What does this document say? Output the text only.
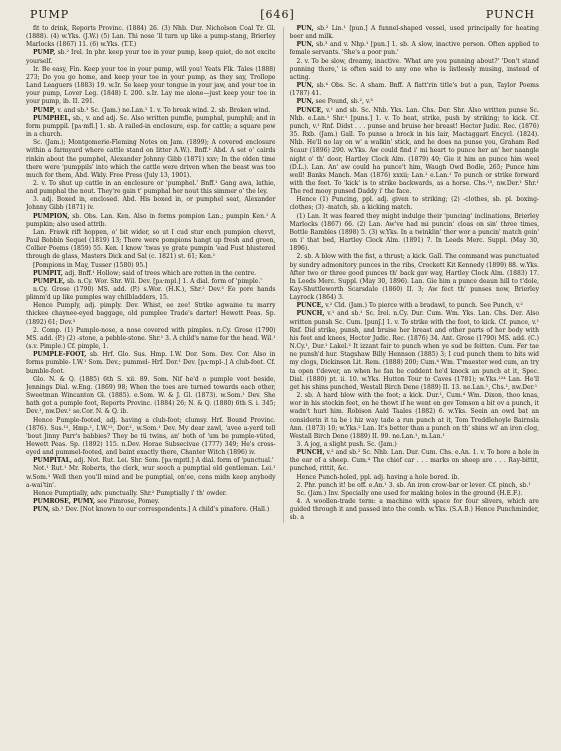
PUMP	[646]	PUNCH

fit to drink, Reports Provinc. (1884) 26. (3) Nhb. Dur. Nicholson Coal Tr. Gl. (1888). (4) w.Yks. (J.W.) (5) Lan. Thi nose 'll turn up like a pump-stang, Brierley Marlocks (1867) 11. (6) w.Yks. (T.T.)

PUMP, sb.² Irel. In phr. keep your toe in your pump, keep quiet, do not excite yourself.

Ir. Be easy, Fin. Keep your toe in your pump, will you! Yeats Flk. Tales (1888) 273; Do you go home, and keep your toe in your pump, as they say, Trollope Land Leaguers (1883) 19. w.Ir. So keep your tongue in your jaw, and your toe in your pump, Lover Leg. (1848) I. 200. s.Ir. Lay me alone—just keep your toe in your pump, ib. II. 291.

PUMP, v. and sb.³ Sc. (Jam.) ne.Lan.¹ 1. v. To break wind. 2. sb. Broken wind.

PUMPHEL, sb., v. and adj. Sc. Also written pumfle, pumphal, pumphil; and in form pumppil. [pʌ·mfl.] 1. sb. A railed-in enclosure, esp. for cattle; a square pew in a church.

Sc. (Jam.); Montgomerie-Fleming Notes on Jam. (1899); A covered enclosure within a farmyard where cattle stand on litter A.W.). Bnff.¹ Abd. A set o' cairds rinkin about the pumphel, Alexander Johnny Gibb (1871) xxv; In the olden time there were 'pumppils' into which the cattle were driven when the beast was too much for them, Abd. Wkly. Free Press (July 13, 1901).

2. v. To shut up cattle in an enclosure or 'pumphel.' Bnff.¹ Gang awa, lathie, and pumphal the nout. They're gain t' pumphal her nout this simmer o' the ley.

3. adj. Boxed in, enclosed. Abd. His boxed in, or pumphel seat, Alexander Johnny Gibb (1871) iv.

PUMPION, sb. Obs. Lan. Ken. Also in forms pompion Lan.; pumpin Ken.¹ A pumpkin; also used attrib.

Lan. Frawk rift hoppen, o' bit wider, so ut I cud stur ench pumpion chevvt, Paul Bobbin Sequel (1819) 13; There were pompions hangt up fresh and green, Collier Poems (1859) 55. Ken. I know 'twas ye grate pumpin 'ead Fust blustered through de glass, Masters Dick and Sal (c. 1821) st. 61; Ken.¹

[Pompions in May, Tusser (1580) 95.]

PUMPIT, adj. Bnff.¹ Hollow; said of trees which are rotten in the centre.

PUMPLE, sb. n.Cy. Wor. Shr. Wil. Dev. [pʌ·mpl.] 1. A dial. form of 'pimple.'

n.Cy. Grose (1790) MS. add. (P.) s.Wor. (H.K.), Shr.² Dev.³ Ee pore hands plimm'd up like pumples way chilbladders, 15.

Hence Pumply, adj. pimply. Dev. Whist, ee zee! Strike agwaine tu marry thickee chaynee-eyed baggage, old pumplee Trade's darter! Hewett Peas. Sp. (1892) 61; Dev.³

2. Comp. (1) Pumple-nose, a nose covered with pimples. n.Cy. Grose (1790) MS. add. (P.) (2) -stone, a pebble-stone. Shr.¹ 3. A child's name for the head. Wil.¹ (s.v. Pimple.) Cf. pimple, 1.

PUMPLE-FOOT, sb. Hrf. Glo. Sus. Hmp. I.W. Dor. Som. Dev. Cor. Also in forms pumble- I.W.¹ Som. Dev.; pummel- Hrf. Dor.¹ Dev. [pʌ·mpl-.] A club-foot. Cf. bumble-foot.

Glo. N. & Q. (1885) 6th S. xii. 89. Som. Nif he'd o pumple voot beside, Jennings Dial. w.Eng. (1869) 98; When the toes are turned towards each other, Sweetman Wincanton Gl. (1885). e.Som. W. & J. Gl. (1873). w.Som.¹ Dev. She hath got a pumple foot, Reports Provinc. (1884) 26; N. & Q. (1880) 6th S. i. 345; Dev.¹, nw.Dev.¹ se.Cor. N. & Q. ib.

Hence Pumple-footed, adj. having a club-foot; clumsy. Hrf. Bound Provinc. (1876). Sus.¹², Hmp.¹, I.W.¹², Dor.¹, w.Som.¹ Dev. My dear zawl, 'avee a-yerd tell 'bout Jinny Parr's babbies? They be tü twins, an' both of 'um be pumple-vüted, Hewett Peas. Sp. (1892) 115. n.Dev. Horae Subsecivae (1777) 349; He's cross-eyed and pummel-footed, and baint exactly there, Chanter Witch (1896) iv.

PUMPITAL, adj. Not. Rut. Lei. Shr. Som. [pʌ·mpɪtl.] A dial. form of 'punctual.'

Not.¹ Rut.¹ Mr. Roberts, the clerk, wur sooch a pumptial old gentleman. Lei.¹ w.Som.¹ Well then you'll mind and be pumptial, on'ee, cens midn keep anybody a-wai'tin'.

Hence Pumptially, adv. punctually. Shr.² Pumptially i' th' owder.

PUMROSE, PUMY, see Pimrose, Pomey.

PUN, sb.¹ Dev. [Not known to our correspondents.] A child's pinafore. (Hall.)

PUN, sb.² Lin.¹ [pun.] A funnel-shaped vessel, used principally for heating beer and milk.

PUN, sb.³ and v. Nhp.¹ [pun.] 1. sb. A slow, inactive person. Often applied to female servants. 'She's a poor pun.'

2. v. To be slow, dreamy, inactive. 'What are you punning about?' 'Don't stand punning there,' is often said to any one who is listlessly musing, instead of acting.

PUN, sb.⁴ Obs. Sc. A sham. Bnff. A flatt'rin title's but a pun, Taylor Poems (1787) 41.

PUN, see Pound, sb.², v.³

PUNCE, v.¹ and sb. Sc. Nhb. Yks. Lan. Chs. Der. Shr. Also written punse Sc. Nhb. e.Lan.¹ Shr.¹ [puns.] 1. v. To beat, strike, push by striking; to kick. Cf. punch, v.¹ Rnf. Didst . . . punse and bruise her breast! Hector Judic. Rec. (1876) 35. Rxb. (Jam.) Gall. To punse a brock in his lair, Mactaggart Encycl. (1824). Nhb. He'll no lay on w' a walkin' stick, and he does na punse you, Graham Red Scaur (1896) 290. w.Yks. Aw could find i' mi heart to punce her an' her naangle night o' th' door, Hartley Clock Alm. (1879) 40; Gie it him an punce him weel (D.L.). Lan. An' aw could ha punce't him, Waugh Owd Bodle, 265; Punce him well! Banks Manch. Man (1876) xxxii; Lan.¹ e.Lan.¹ To punch or strike forward with the feet. To 'kick' is to strike backwards, as a horse. Chs.¹³, nw.Der.¹ Shr.¹ The red mooy punsed Daddy i' the face.

Hence (1) Puncing, ppl. adj. given to striking; (2) -clothes, sb. pl. boxing-clothes; (3) -match, sb. a kicking match.

(1) Lan. It was feared they might indulge their 'puncing' inclinations, Brierley Marlocks (1867) 66. (2) Lan. Aw've had mi puncin' cloas on sin' three times, Bottle Rambles (1898) 5. (3) w.Yks. In a twinklin' ther wor a puncin' match goin' on i' that bed, Hartley Clock Alm. (1891) 7. In Leeds Merc. Suppl. (May 30, 1896).

2. sb. A blow with the fist, a thrust; a kick. Gall. The command was punctuated by sundry admonitory punces in the ribs, Crockett Kit Kennedy (1899) 88. w.Yks. After two or three good punces th' back gav way, Hartley Clock Alm. (1883) 17. In Leeds Merc. Suppl. (May 30, 1896). Lan. Gie him a punce deaun hill to t'dole, Kay-Shuttleworth Scarsdale (1860) II. 3; Aw fect th' punses now, Brierley Layrock (1864) 3.

PUNCE, v.² Cld. (Jam.) To pierce with a bradawl, to punch. See Punch, v.²

PUNCH, v.¹ and sb.¹ Sc. Irel. n.Cy. Dur. Cum. Wm. Yks. Lan. Chs. Der. Also written punsh Sc. Cum. [punʃ.] 1. v. To strike with the foot, to kick. Cf. punce, v.¹ Rnf. Did strike, punsh, and bruise her breast and other parts of her body with his feet and knees, Hector Judic. Rec. (1876) 34. Ant. Grose (1790) MS. add. (C.) N.Cy.¹, Dur.¹ Lakel.² It izzant fair to punch when ye sud be feitten. Cum. Fer tae ne punsh'd hur. Stagshaw Billy Hennson (1885) 3; I cud punch them to bits wid my clogs, Dickinson Lit. Rem. (1888) 200; Cum.⁴ Wm. T'maester wed cum, an try ta open t'dewer, an when he fan he cuddent he'd knock an punch at it, Spec. Dial. (1880) pt. ii. 10. w.Yks. Hutton Tour to Caves (1781); w.Yks.¹²⁴ Lan. He'll get his shins punched, Westall Birch Dene (1889) II. 13. ne.Lan.¹, Chs.¹, nw.Der.¹

2. sb. A hard blow with the foot; a kick. Dur.¹, Cum.⁴ Wm. Dixon, thoo knas, wor in his stockin feet, en he thowt if he went en gev Tomson a bit ov a punch, it wadn't hurt him. Robison Aald Taales (1882) 6. w.Yks. Seein an owd bat an considerin it ta be i hiz way tade a run punch at it, Tom Treddlehoyle Bairnsla Ann. (1873) 10; w.Yks.² Lan. It's better than a punch on th' shins wi' an iron clog, Westall Birch Dene (1889) II. 99. ne.Lan.¹, m.Lan.¹

3. A jog, a slight push. Sc. (Jam.)

PUNCH, v.² and sb.² Sc. Nhb. Lan. Dur. Cum. Chs. e.An. 1. v. To bore a hole in the ear of a sheep. Cum.⁴ The chief car . . . marks on sheep are . . . Ray-bittit, punched, rittit, &c.

Hence Punch-holed, ppl. adj. having a hole bored. ib.

2. Phr. punch it! be off. e.An.¹ 3. sb. An iron crow-bar or lever. Cf. pinch, sb.¹

Sc. (Jam.) Inv. Specially one used for making holes in the ground (H.E.F.).

4. A woollen-trade term: a machine with space for four slivers, which are guided through it and passed into the comb. w.Yks. (S.A.B.) Hence Punchminder, sb. a
